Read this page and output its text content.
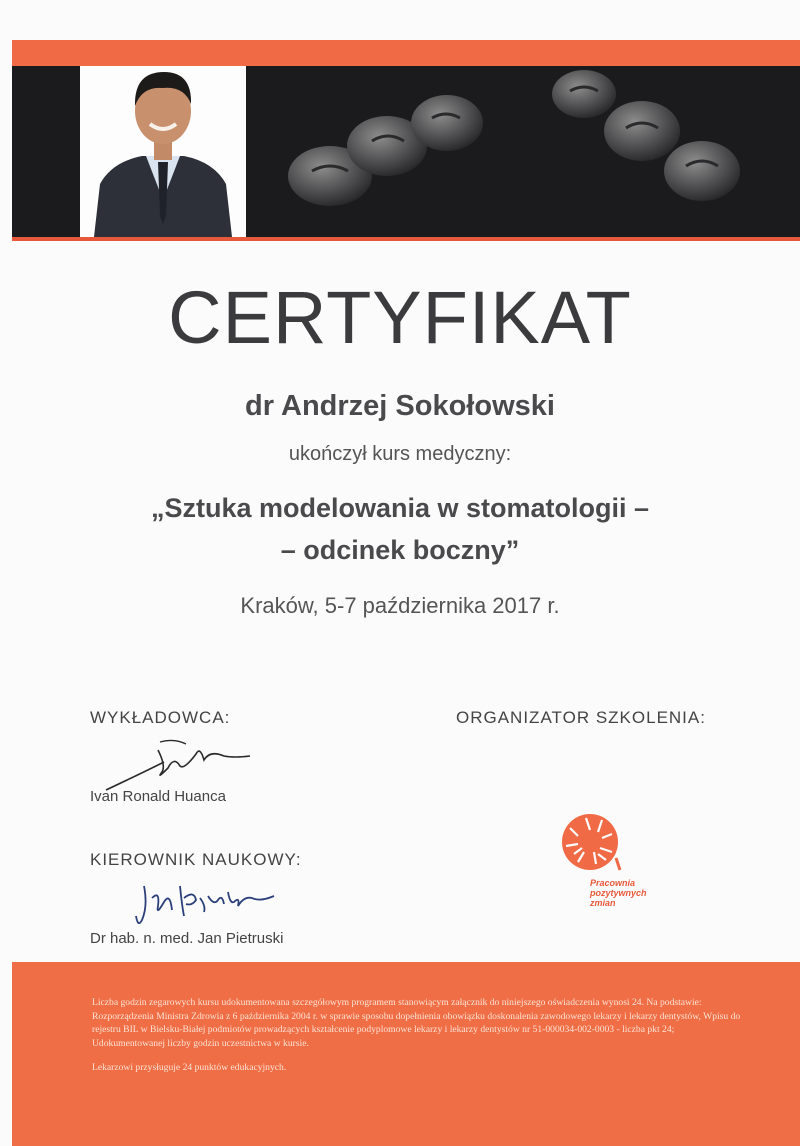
CERTYFIKAT
dr Andrzej Sokołowski
ukończył kurs medyczny:
„Sztuka modelowania w stomatologii –
– odcinek boczny”
Kraków, 5-7 października 2017 r.
WYKŁADOWCA:
Ivan Ronald Huanca
ORGANIZATOR SZKOLENIA:
Pracownia
pozytywnych
zmian
KIEROWNIK NAUKOWY:
Dr hab. n. med. Jan Pietruski

Liczba godzin zegarowych kursu udokumentowana szczegółowym programem stanowiącym załącznik do niniejszego oświadczenia wynosi 24. Na podstawie: Rozporządzenia Ministra Zdrowia z 6 października 2004 r. w sprawie sposobu dopełnienia obowiązku doskonalenia zawodowego lekarzy i lekarzy dentystów, Wpisu do rejestru BIL w Bielsku-Białej podmiotów prowadzących kształcenie podyplomowe lekarzy i lekarzy dentystów nr 51-000034-002-0003 - liczba pkt 24; Udokumentowanej liczby godzin uczestnictwa w kursie.

Lekarzowi przysługuje 24 punktów edukacyjnych.
